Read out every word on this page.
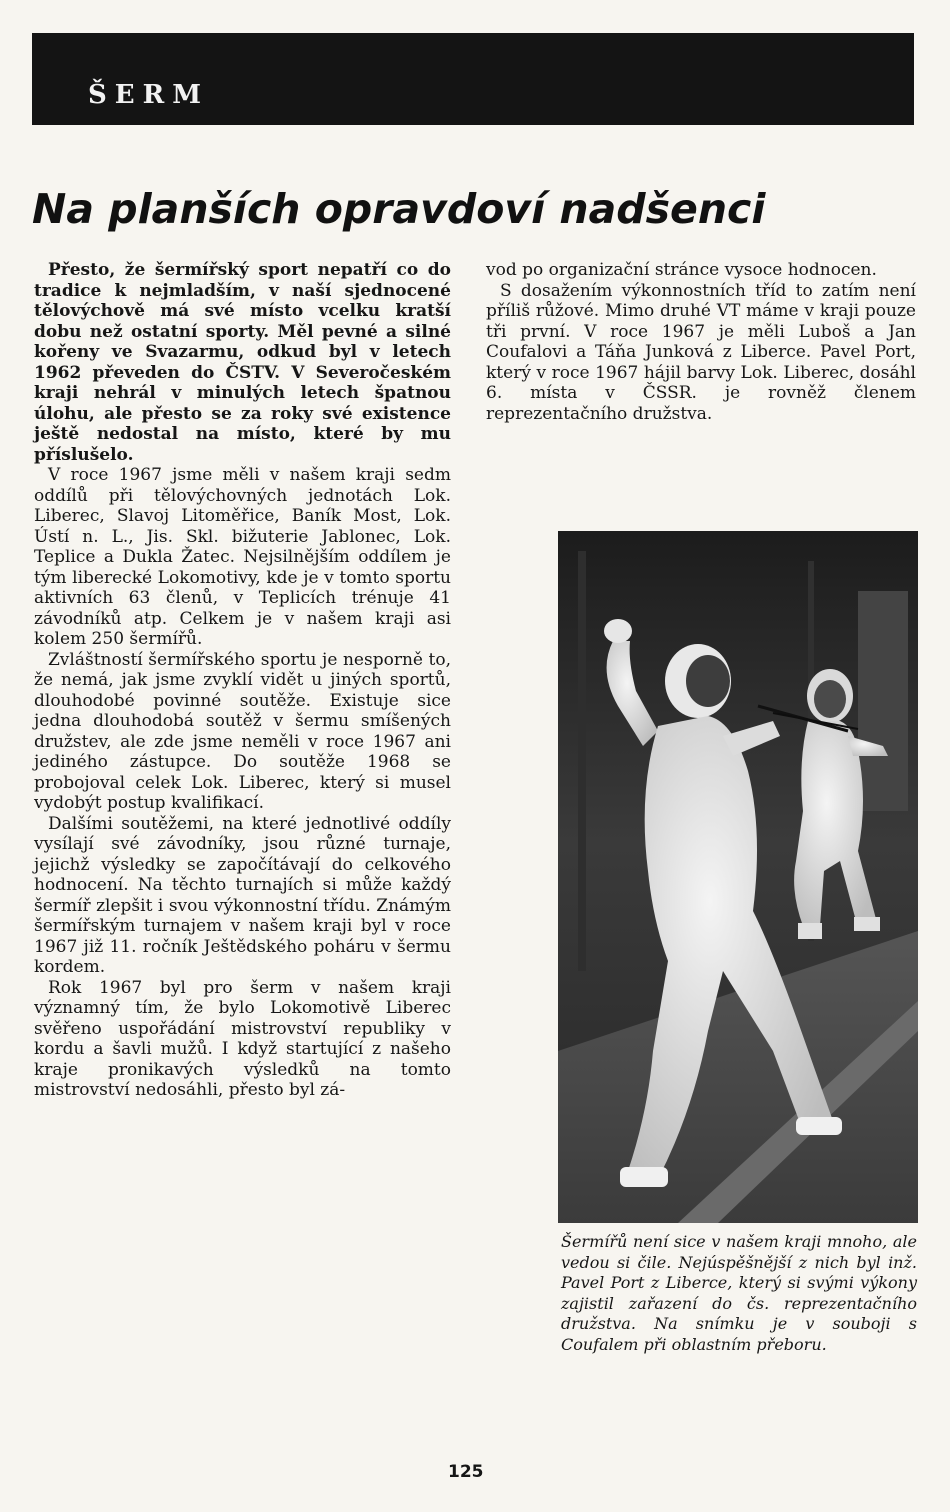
ŠERM
Na planších opravdoví nadšenci

Přesto, že šermířský sport nepatří co do tradice k nejmladším, v naší sjednocené tělovýchově má své místo vcelku kratší dobu než ostatní sporty. Měl pevné a silné kořeny ve Svazarmu, odkud byl v letech 1962 převeden do ČSTV. V Severočeském kraji nehrál v minulých letech špatnou úlohu, ale přesto se za roky své existence ještě nedostal na místo, které by mu příslušelo.

V roce 1967 jsme měli v našem kraji sedm oddílů při tělovýchovných jednotách Lok. Liberec, Slavoj Litoměřice, Baník Most, Lok. Ústí n. L., Jis. Skl. bižuterie Jablonec, Lok. Teplice a Dukla Žatec. Nejsilnějším oddílem je tým liberecké Lokomotivy, kde je v tomto sportu aktivních 63 členů, v Teplicích trénuje 41 závodníků atp. Celkem je v našem kraji asi kolem 250 šermířů.

Zvláštností šermířského sportu je nesporně to, že nemá, jak jsme zvyklí vidět u jiných sportů, dlouhodobé povinné soutěže. Existuje sice jedna dlouhodobá soutěž v šermu smíšených družstev, ale zde jsme neměli v roce 1967 ani jediného zástupce. Do soutěže 1968 se probojoval celek Lok. Liberec, který si musel vydobýt postup kvalifikací.

Dalšími soutěžemi, na které jednotlivé oddíly vysílají své závodníky, jsou různé turnaje, jejichž výsledky se započítávají do celkového hodnocení. Na těchto turnajích si může každý šermíř zlepšit i svou výkonnostní třídu. Známým šermířským turnajem v našem kraji byl v roce 1967 již 11. ročník Ještědského poháru v šermu kordem.

Rok 1967 byl pro šerm v našem kraji významný tím, že bylo Lokomotivě Liberec svěřeno uspořádání mistrovství republiky v kordu a šavli mužů. I když startující z našeho kraje pronikavých výsledků na tomto mistrovství nedosáhli, přesto byl zá-

vod po organizační stránce vysoce hodnocen.

S dosažením výkonnostních tříd to zatím není příliš růžové. Mimo druhé VT máme v kraji pouze tři první. V roce 1967 je měli Luboš a Jan Coufalovi a Táňa Junková z Liberce. Pavel Port, který v roce 1967 hájil barvy Lok. Liberec, dosáhl 6. místa v ČSSR. je rovněž členem reprezentačního družstva.

Šermířů není sice v našem kraji mnoho, ale vedou si čile. Nejúspěšnější z nich byl inž. Pavel Port z Liberce, který si svými výkony zajistil zařazení do čs. reprezentačního družstva. Na snímku je v souboji s Coufalem při oblastním přeboru.
125
